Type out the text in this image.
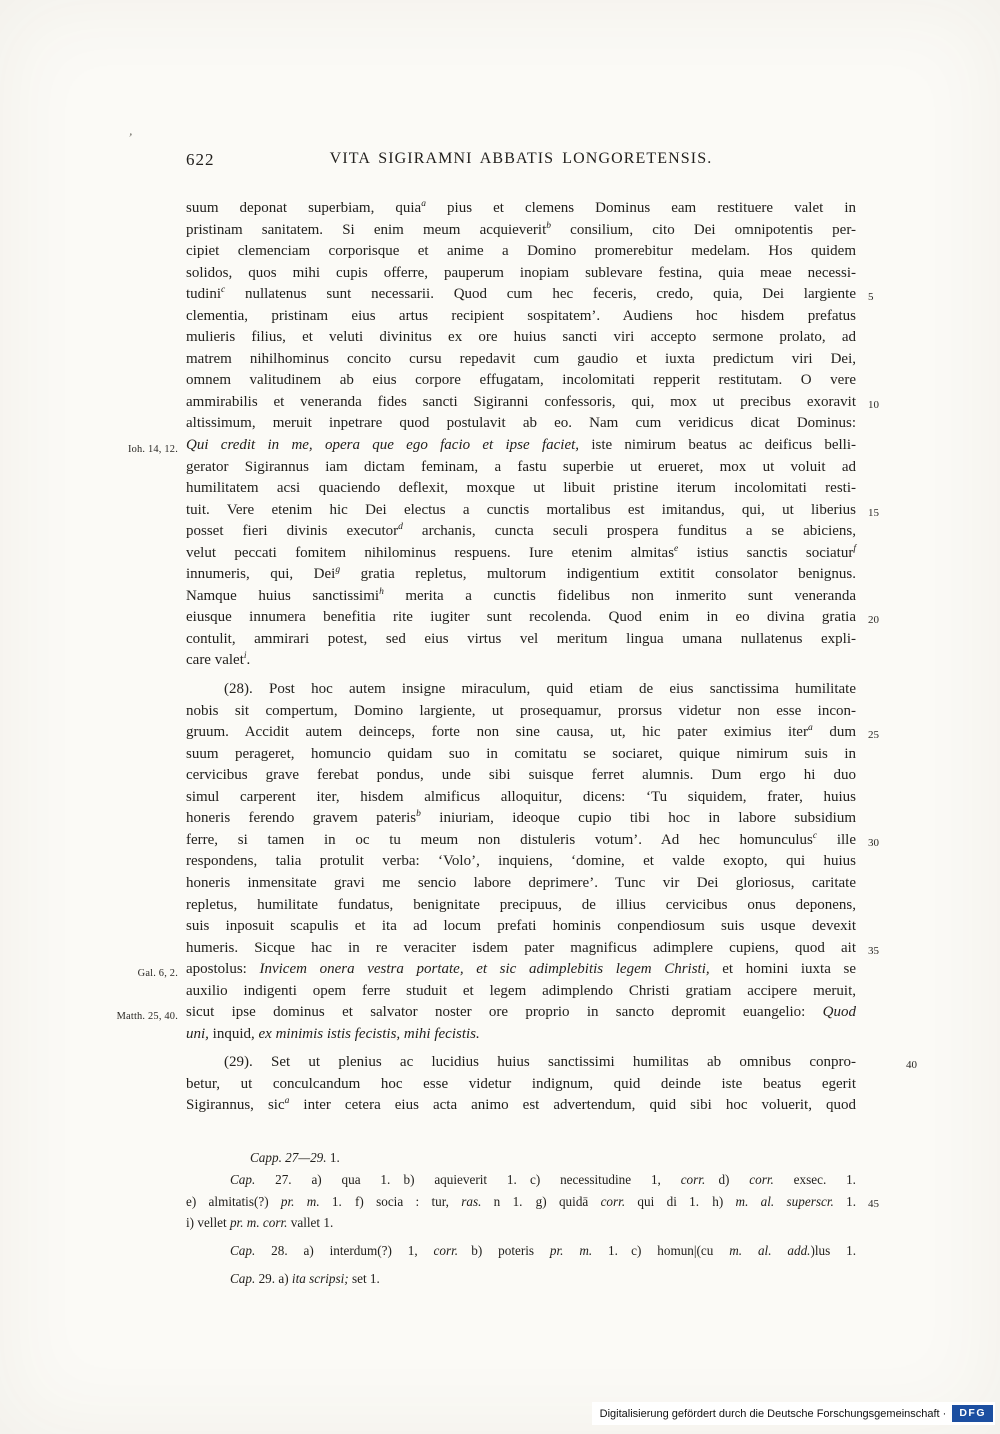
’
622	VITA SIGIRAMNI ABBATIS LONGORETENSIS.
suum deponat superbiam, quia$^a$ pius et clemens Dominus eam restituere valet in
pristinam sanitatem. Si enim meum acquieverit$^b$ consilium, cito Dei omnipotentis per-
cipiet clemenciam corporisque et anime a Domino promerebitur medelam. Hos quidem
solidos, quos mihi cupis offerre, pauperum inopiam sublevare festina, quia meae necessi-
tudini$^c$ nullatenus sunt necessarii. Quod cum hec feceris, credo, quia, Dei largiente 5
clementia, pristinam eius artus recipient sospitatem’. Audiens hoc hisdem prefatus
mulieris filius, et veluti divinitus ex ore huius sancti viri accepto sermone prolato, ad
matrem nihilhominus concito cursu repedavit cum gaudio et iuxta predictum viri Dei,
omnem valitudinem ab eius corpore effugatam, incolomitati repperit restitutam. O vere
ammirabilis et veneranda fides sancti Sigiranni confessoris, qui, mox ut precibus exoravit 10
altissimum, meruit inpetrare quod postulavit ab eo. Nam cum veridicus dicat Dominus:
Qui credit in me, opera que ego facio et ipse faciet, iste nimirum beatus ac deificus belli-
Ioh. 14, 12.
gerator Sigirannus iam dictam feminam, a fastu superbie ut erueret, mox ut voluit ad
humilitatem acsi quaciendo deflexit, moxque ut libuit pristine iterum incolomitati resti-
tuit. Vere etenim hic Dei electus a cunctis mortalibus est imitandus, qui, ut liberius 15
posset fieri divinis executor$^d$ archanis, cuncta seculi prospera funditus a se abiciens,
velut peccati fomitem nihilominus respuens. Iure etenim almitas$^e$ istius sanctis sociatur$^f$
innumeris, qui, Dei$^g$ gratia repletus, multorum indigentium extitit consolator benignus.
Namque huius sanctissimi$^h$ merita a cunctis fidelibus non inmerito sunt veneranda
eiusque innumera benefitia rite iugiter sunt recolenda. Quod enim in eo divina gratia 20
contulit, ammirari potest, sed eius virtus vel meritum lingua umana nullatenus expli-
care valet$^i$.
(28). Post hoc autem insigne miraculum, quid etiam de eius sanctissima humilitate
nobis sit compertum, Domino largiente, ut prosequamur, prorsus videtur non esse incon-
gruum. Accidit autem deinceps, forte non sine causa, ut, hic pater eximius iter$^a$ dum 25
suum perageret, homuncio quidam suo in comitatu se sociaret, quique nimirum suis in
cervicibus grave ferebat pondus, unde sibi suisque ferret alumnis. Dum ergo hi duo
simul carperent iter, hisdem almificus alloquitur, dicens: ‘Tu siquidem, frater, huius
honeris ferendo gravem pateris$^b$ iniuriam, ideoque cupio tibi hoc in labore subsidium
ferre, si tamen in oc tu meum non distuleris votum’. Ad hec homunculus$^c$ ille 30
respondens, talia protulit verba: ‘Volo’, inquiens, ‘domine, et valde exopto, qui huius
honeris inmensitate gravi me sencio labore deprimere’. Tunc vir Dei gloriosus, caritate
repletus, humilitate fundatus, benignitate precipuus, de illius cervicibus onus deponens,
suis inposuit scapulis et ita ad locum prefati hominis conpendiosum suis usque devexit
humeris. Sicque hac in re veraciter isdem pater magnificus adimplere cupiens, quod ait 35
apostolus: Invicem onera vestra portate, et sic adimplebitis legem Christi, et homini iuxta se
Gal. 6, 2.
auxilio indigenti opem ferre studuit et legem adimplendo Christi gratiam accipere meruit,
sicut ipse dominus et salvator noster ore proprio in sancto depromit euangelio: Quod
Matth. 25, 40.
uni, inquid, ex minimis istis fecistis, mihi fecistis.
(29). Set ut plenius ac lucidius huius sanctissimi humilitas ab omnibus conpro-	40
betur, ut conculcandum hoc esse videtur indignum, quid deinde iste beatus egerit
Sigirannus, sic$^a$ inter cetera eius acta animo est advertendum, quid sibi hoc voluerit, quod
Capp. 27—29. 1.
Cap. 27. a) qua 1.  b) aquieverit 1.  c) necessitudine 1, corr.  d) corr. exsec. 1.
e) almitatis(?) pr. m. 1.  f) socia : tur, ras. n 1.  g) quidā corr. qui di 1.  h) m. al. superscr. 1. 45
i) vellet pr. m. corr. vallet 1.
Cap. 28. a) interdum(?) 1, corr.  b) poteris pr. m. 1.  c) homun|(cu m. al. add.)lus 1.
Cap. 29. a) ita scripsi; set 1.
Digitalisierung gefördert durch die Deutsche Forschungsgemeinschaft ·	DFG
